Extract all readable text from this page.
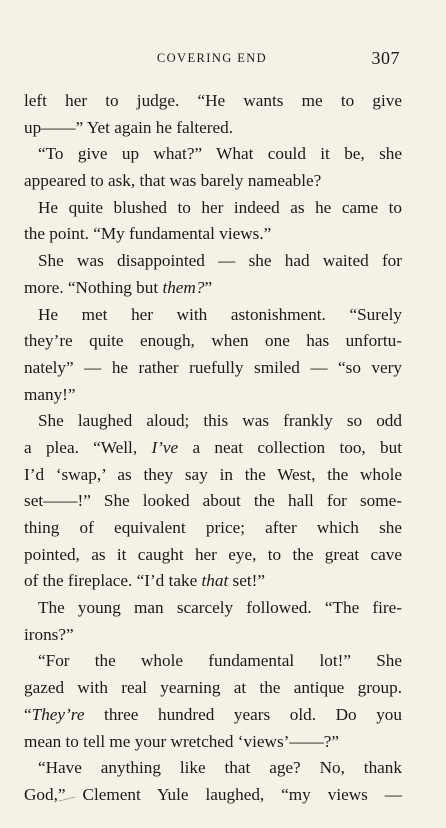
COVERING END	307
left her to judge. “He wants me to give
up——” Yet again he faltered.
“To give up what?” What could it be, she
appeared to ask, that was barely nameable?
He quite blushed to her indeed as he came to
the point. “My fundamental views.”
She was disappointed — she had waited for
more. “Nothing but them?”
He met her with astonishment. “Surely
they’re quite enough, when one has unfortu-
nately” — he rather ruefully smiled — “so very
many!”
She laughed aloud; this was frankly so odd
a plea. “Well, I’ve a neat collection too, but
I’d ‘swap,’ as they say in the West, the whole
set——!” She looked about the hall for some-
thing of equivalent price; after which she
pointed, as it caught her eye, to the great cave
of the fireplace. “I’d take that set!”
The young man scarcely followed. “The fire-
irons?”
“For the whole fundamental lot!” She
gazed with real yearning at the antique group.
“They’re three hundred years old. Do you
mean to tell me your wretched ‘views’——?”
“Have anything like that age? No, thank
God,” Clement Yule laughed, “my views —
